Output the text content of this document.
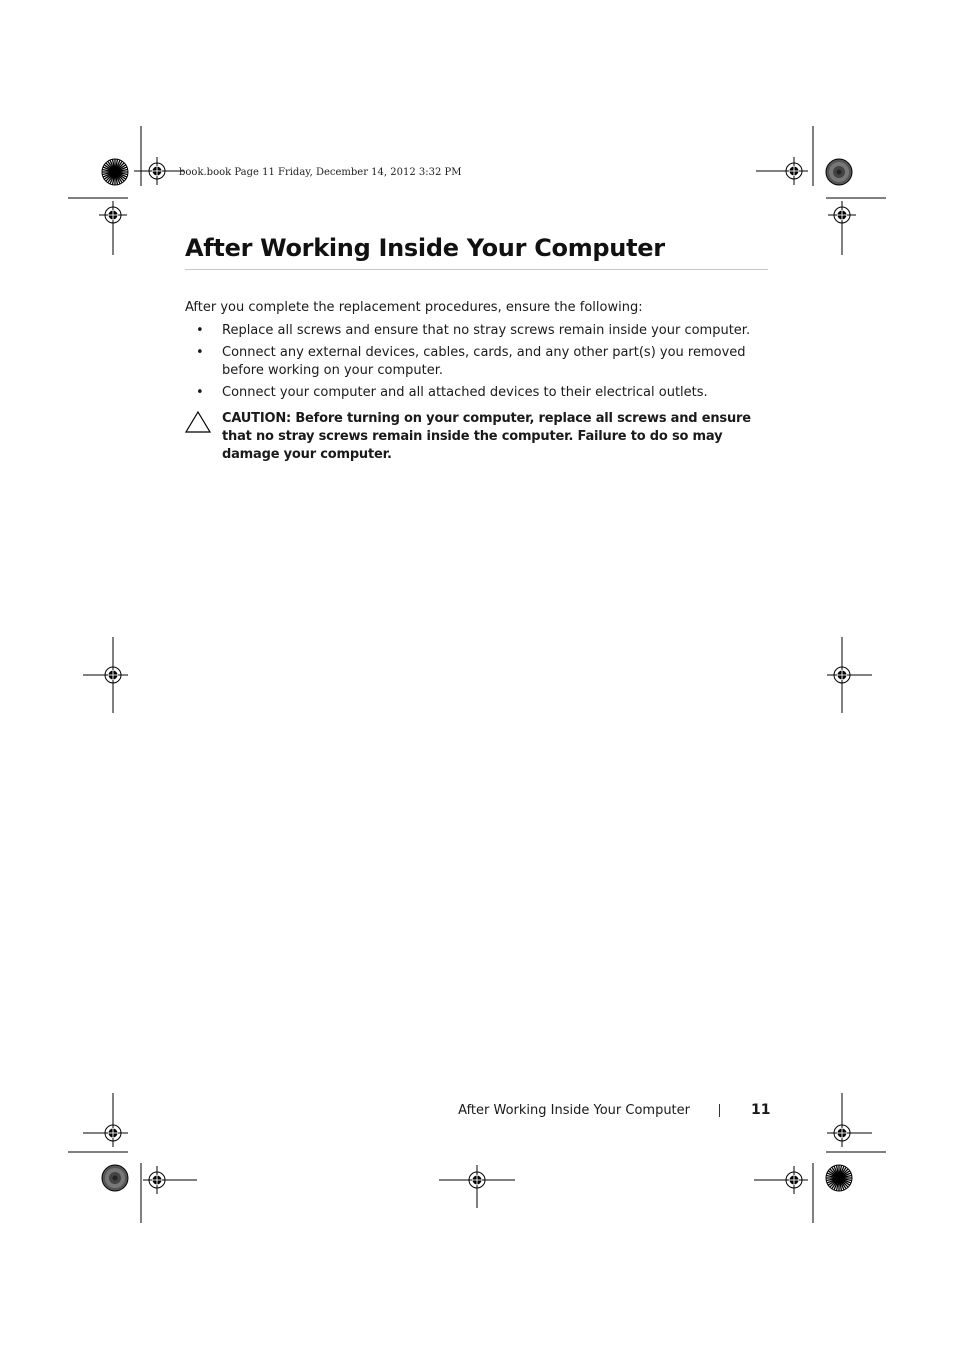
book.book Page 11 Friday, December 14, 2012 3:32 PM
After Working Inside Your Computer

After you complete the replacement procedures, ensure the following:

• Replace all screws and ensure that no stray screws remain inside your computer.
• Connect any external devices, cables, cards, and any other part(s) you removed before working on your computer.
• Connect your computer and all attached devices to their electrical outlets.

CAUTION: Before turning on your computer, replace all screws and ensure that no stray screws remain inside the computer. Failure to do so may damage your computer.

After Working Inside Your Computer	11
